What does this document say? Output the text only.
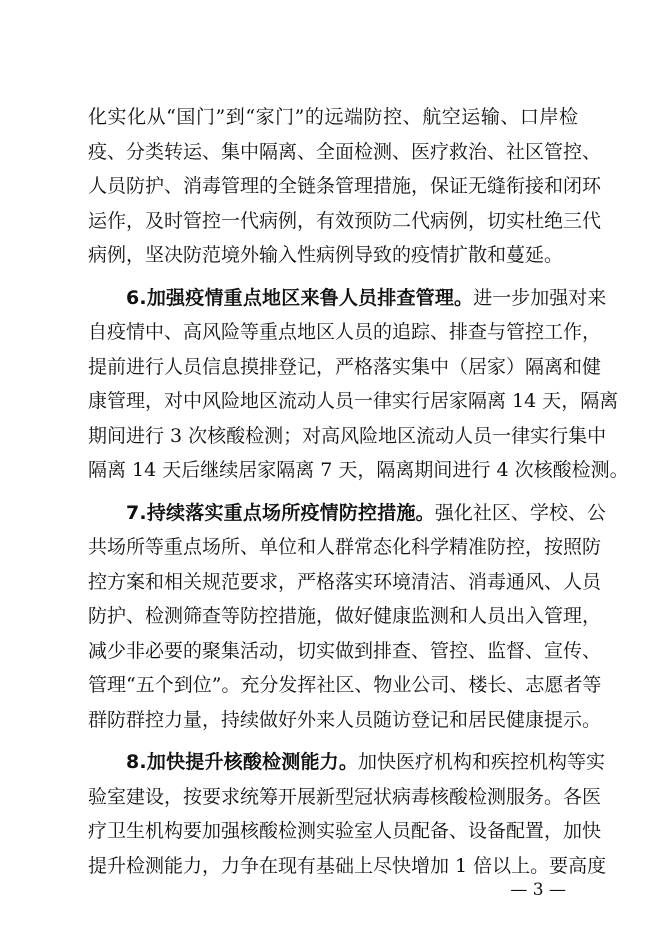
化实化从“国门”到“家门”的远端防控、航空运输、口岸检
疫、分类转运、集中隔离、全面检测、医疗救治、社区管控、
人员防护、消毒管理的全链条管理措施，保证无缝衔接和闭环
运作，及时管控一代病例，有效预防二代病例，切实杜绝三代
病例，坚决防范境外输入性病例导致的疫情扩散和蔓延。
6.加强疫情重点地区来鲁人员排查管理。进一步加强对来
自疫情中、高风险等重点地区人员的追踪、排查与管控工作，
提前进行人员信息摸排登记，严格落实集中（居家）隔离和健
康管理，对中风险地区流动人员一律实行居家隔离 14 天，隔离
期间进行 3 次核酸检测；对高风险地区流动人员一律实行集中
隔离 14 天后继续居家隔离 7 天，隔离期间进行 4 次核酸检测。
7.持续落实重点场所疫情防控措施。强化社区、学校、公
共场所等重点场所、单位和人群常态化科学精准防控，按照防
控方案和相关规范要求，严格落实环境清洁、消毒通风、人员
防护、检测筛查等防控措施，做好健康监测和人员出入管理，
减少非必要的聚集活动，切实做到排查、管控、监督、宣传、
管理“五个到位”。充分发挥社区、物业公司、楼长、志愿者等
群防群控力量，持续做好外来人员随访登记和居民健康提示。
8.加快提升核酸检测能力。加快医疗机构和疾控机构等实
验室建设，按要求统筹开展新型冠状病毒核酸检测服务。各医
疗卫生机构要加强核酸检测实验室人员配备、设备配置，加快
提升检测能力，力争在现有基础上尽快增加 1 倍以上。要高度
— 3 —
